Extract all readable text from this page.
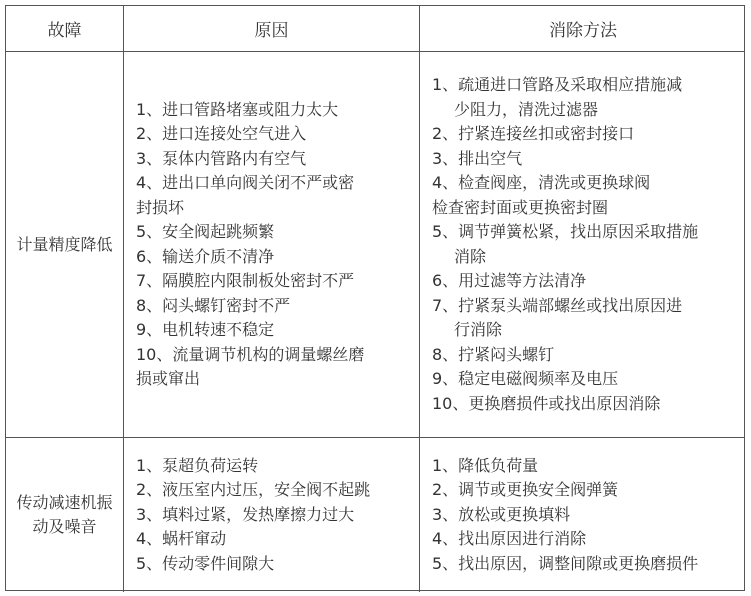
故障	原因	消除方法
计量精度降低
1、进口管路堵塞或阻力太大
2、进口连接处空气进入
3、泵体内管路内有空气
4、进出口单向阀关闭不严或密
封损坏
5、安全阀起跳频繁
6、输送介质不清净
7、隔膜腔内限制板处密封不严
8、闷头螺钉密封不严
9、电机转速不稳定
10、流量调节机构的调量螺丝磨
损或窜出
1、疏通进口管路及采取相应措施减
少阻力，清洗过滤器
2、拧紧连接丝扣或密封接口
3、排出空气
4、检查阀座，清洗或更换球阀
检查密封面或更换密封圈
5、调节弹簧松紧，找出原因采取措施
消除
6、用过滤等方法清净
7、拧紧泵头端部螺丝或找出原因进
行消除
8、拧紧闷头螺钉
9、稳定电磁阀频率及电压
10、更换磨损件或找出原因消除
传动减速机振动及噪音
1、泵超负荷运转
2、液压室内过压，安全阀不起跳
3、填料过紧，发热摩擦力过大
4、蜗杆窜动
5、传动零件间隙大
1、降低负荷量
2、调节或更换安全阀弹簧
3、放松或更换填料
4、找出原因进行消除
5、找出原因，调整间隙或更换磨损件
